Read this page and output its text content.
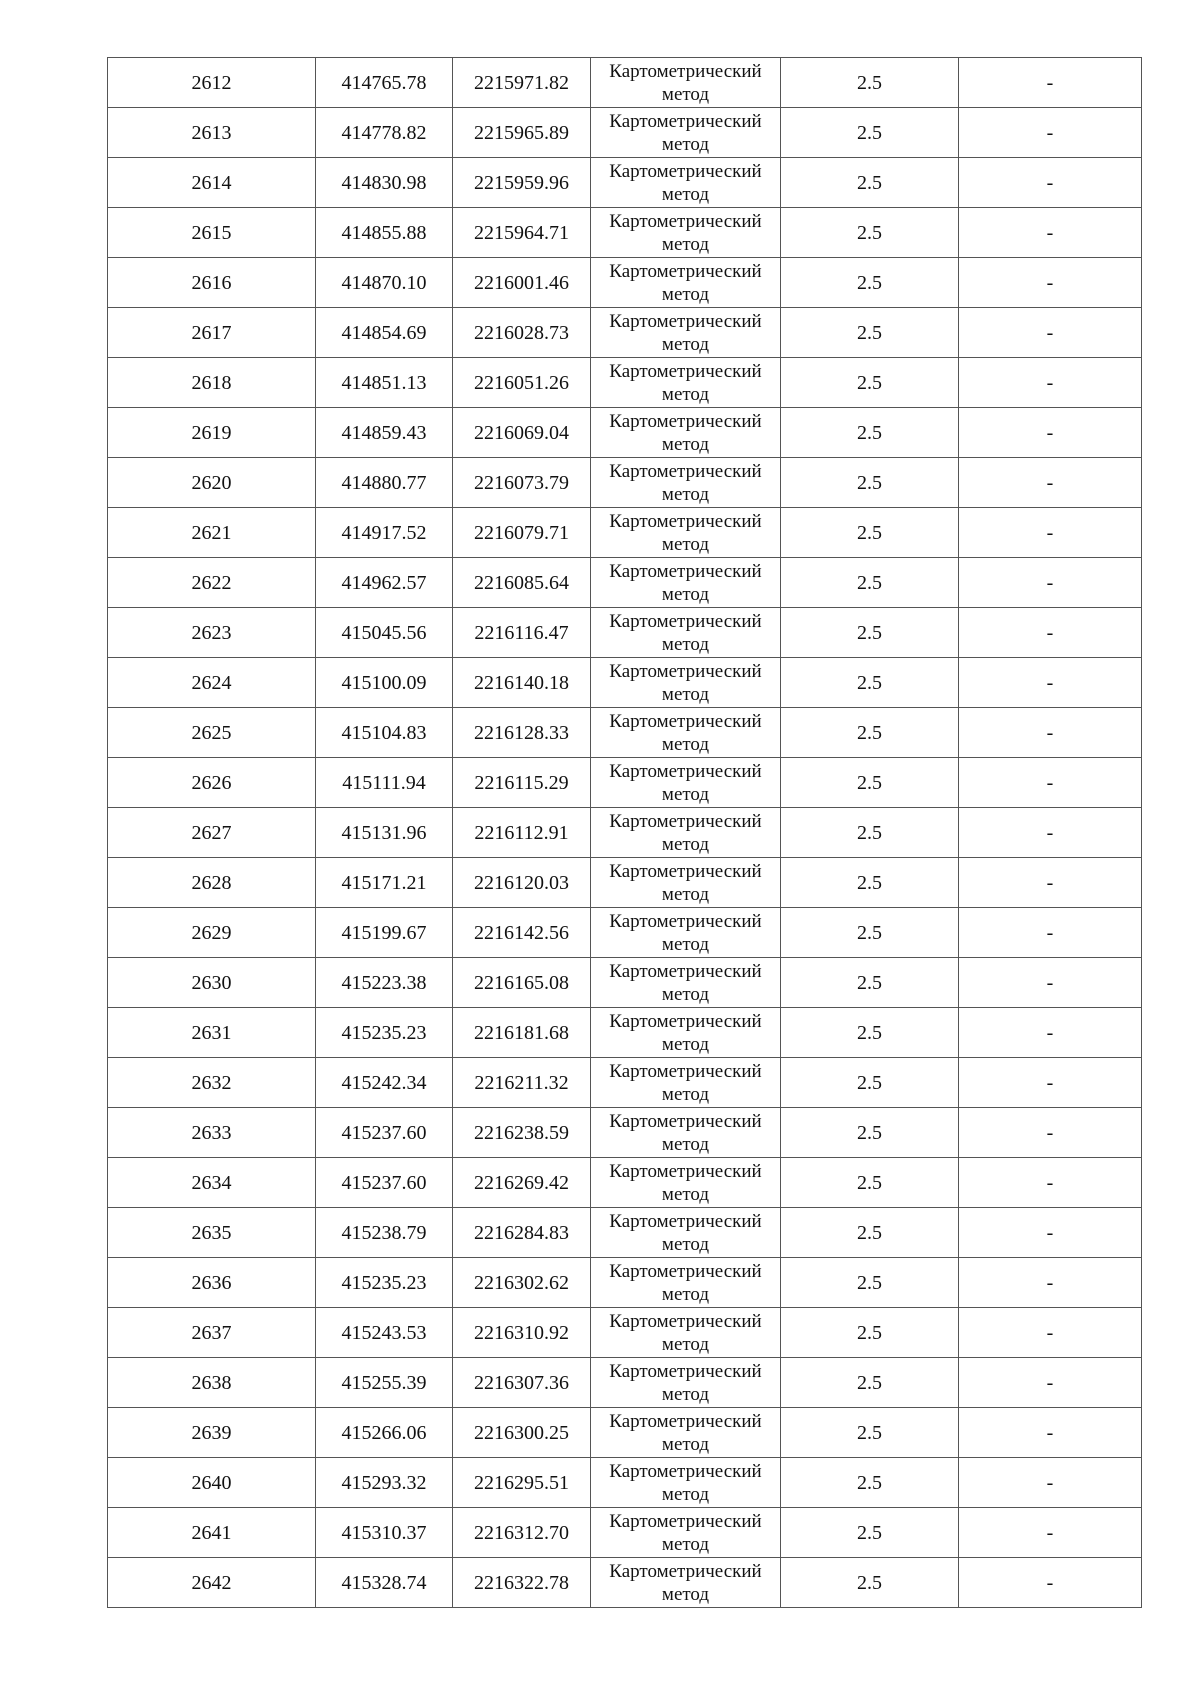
2612	414765.78	2215971.82	Картометрический
метод	2.5	-
2613	414778.82	2215965.89	Картометрический
метод	2.5	-
2614	414830.98	2215959.96	Картометрический
метод	2.5	-
2615	414855.88	2215964.71	Картометрический
метод	2.5	-
2616	414870.10	2216001.46	Картометрический
метод	2.5	-
2617	414854.69	2216028.73	Картометрический
метод	2.5	-
2618	414851.13	2216051.26	Картометрический
метод	2.5	-
2619	414859.43	2216069.04	Картометрический
метод	2.5	-
2620	414880.77	2216073.79	Картометрический
метод	2.5	-
2621	414917.52	2216079.71	Картометрический
метод	2.5	-
2622	414962.57	2216085.64	Картометрический
метод	2.5	-
2623	415045.56	2216116.47	Картометрический
метод	2.5	-
2624	415100.09	2216140.18	Картометрический
метод	2.5	-
2625	415104.83	2216128.33	Картометрический
метод	2.5	-
2626	415111.94	2216115.29	Картометрический
метод	2.5	-
2627	415131.96	2216112.91	Картометрический
метод	2.5	-
2628	415171.21	2216120.03	Картометрический
метод	2.5	-
2629	415199.67	2216142.56	Картометрический
метод	2.5	-
2630	415223.38	2216165.08	Картометрический
метод	2.5	-
2631	415235.23	2216181.68	Картометрический
метод	2.5	-
2632	415242.34	2216211.32	Картометрический
метод	2.5	-
2633	415237.60	2216238.59	Картометрический
метод	2.5	-
2634	415237.60	2216269.42	Картометрический
метод	2.5	-
2635	415238.79	2216284.83	Картометрический
метод	2.5	-
2636	415235.23	2216302.62	Картометрический
метод	2.5	-
2637	415243.53	2216310.92	Картометрический
метод	2.5	-
2638	415255.39	2216307.36	Картометрический
метод	2.5	-
2639	415266.06	2216300.25	Картометрический
метод	2.5	-
2640	415293.32	2216295.51	Картометрический
метод	2.5	-
2641	415310.37	2216312.70	Картометрический
метод	2.5	-
2642	415328.74	2216322.78	Картометрический
метод	2.5	-
